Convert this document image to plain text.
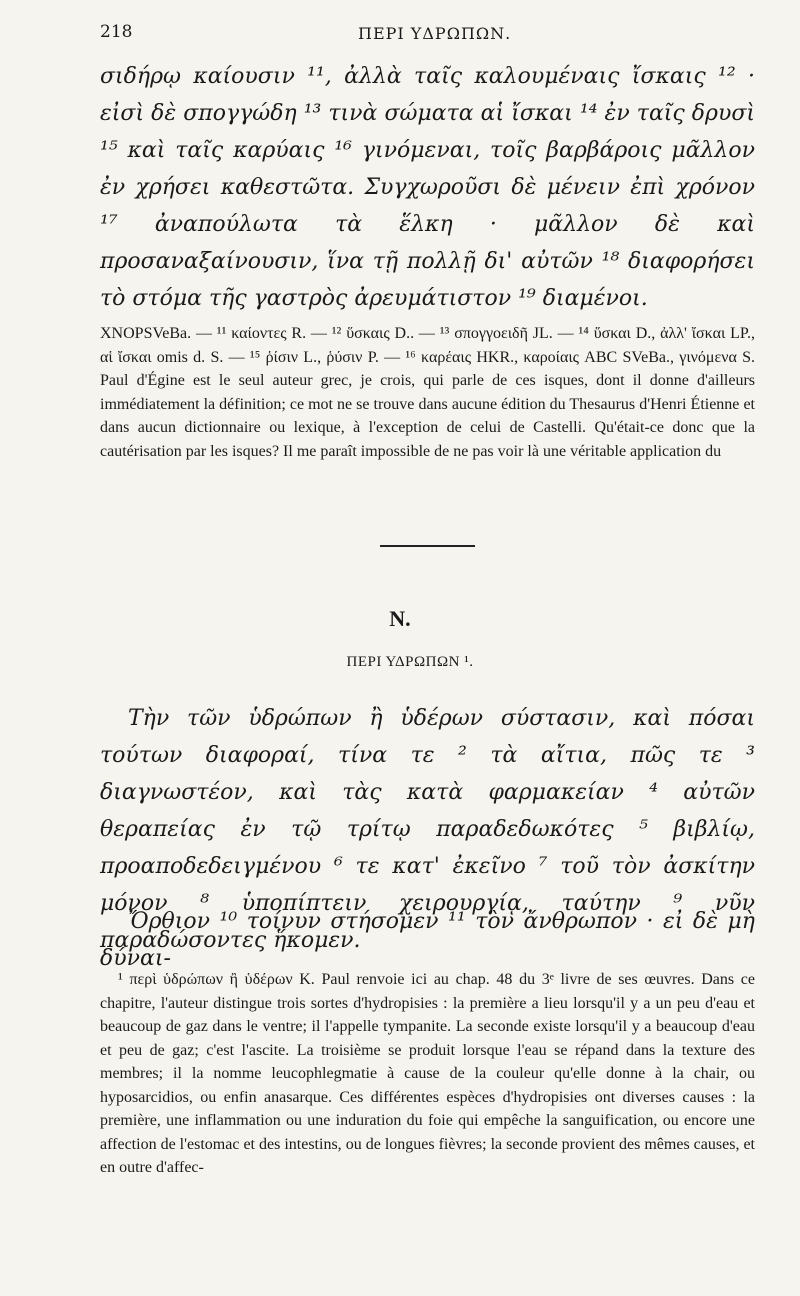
218	ΠΕΡΙ ΥΔΡΩΠΩΝ.
σιδήρῳ καίουσιν ¹¹, ἀλλὰ ταῖς καλουμέναις ἴσκαις ¹² · εἰσὶ δὲ σπογγώδη ¹³ τινὰ σώματα αἱ ἴσκαι ¹⁴ ἐν ταῖς δρυσὶ ¹⁵ καὶ ταῖς καρύαις ¹⁶ γινόμεναι, τοῖς βαρβάροις μᾶλλον ἐν χρήσει καθεστῶτα. Συγχωροῦσι δὲ μένειν ἐπὶ χρόνον ¹⁷ ἀναπούλωτα τὰ ἕλκη · μᾶλλον δὲ καὶ προσαναξαίνουσιν, ἵνα τῇ πολλῇ δι' αὐτῶν ¹⁸ διαφορήσει τὸ στόμα τῆς γαστρὸς ἀρευμάτιστον ¹⁹ διαμένοι.
XNOPSVeBa. — ¹¹ καίοντες R. — ¹² ὕσκαις D.. — ¹³ σπογγοειδῆ JL. — ¹⁴ ὕσκαι D., ἀλλ' ἴσκαι LP., αἱ ἴσκαι omis d. S. — ¹⁵ ῥίσιν L., ῥύσιν P. — ¹⁶ καρέαις HKR., καροίαις ABC SVeBa., γινόμενα S. Paul d'Égine est le seul auteur grec, je crois, qui parle de ces isques, dont il donne d'ailleurs immédiatement la définition; ce mot ne se trouve dans aucune édition du Thesaurus d'Henri Étienne et dans aucun dictionnaire ou lexique, à l'exception de celui de Castelli. Qu'était-ce donc que la cautérisation par les isques? Il me paraît impossible de ne pas voir là une véritable application du
N.
ΠΕΡΙ ΥΔΡΩΠΩΝ ¹.
Τὴν τῶν ὑδρώπων ἢ ὑδέρων σύστασιν, καὶ πόσαι τούτων διαφοραί, τίνα τε ² τὰ αἴτια, πῶς τε ³ διαγνωστέον, καὶ τὰς κατὰ φαρμακείαν ⁴ αὐτῶν θεραπείας ἐν τῷ τρίτῳ παραδεδωκότες ⁵ βιβλίῳ, προαποδεδειγμένου ⁶ τε κατ' ἐκεῖνο ⁷ τοῦ τὸν ἀσκίτην μόνον ⁸ ὑποπίπτειν χειρουργίᾳ, ταύτην ⁹ νῦν παραδώσοντες ἥκομεν.
Ὄρθιον ¹⁰ τοίνυν στήσομεν ¹¹ τὸν ἄνθρωπον · εἰ δὲ μὴ δύναι-
¹ περὶ ὑδρώπων ἢ ὑδέρων K. Paul renvoie ici au chap. 48 du 3ᵉ livre de ses œuvres. Dans ce chapitre, l'auteur distingue trois sortes d'hydropisies : la première a lieu lorsqu'il y a un peu d'eau et beaucoup de gaz dans le ventre; il l'appelle tympanite. La seconde existe lorsqu'il y a beaucoup d'eau et peu de gaz; c'est l'ascite. La troisième se produit lorsque l'eau se répand dans la texture des membres; il la nomme leucophlegmatie à cause de la couleur qu'elle donne à la chair, ou hyposarcidios, ou enfin anasarque. Ces différentes espèces d'hydropisies ont diverses causes : la première, une inflammation ou une induration du foie qui empêche la sanguification, ou encore une affection de l'estomac et des intestins, ou de longues fièvres; la seconde provient des mêmes causes, et en outre d'affec-
